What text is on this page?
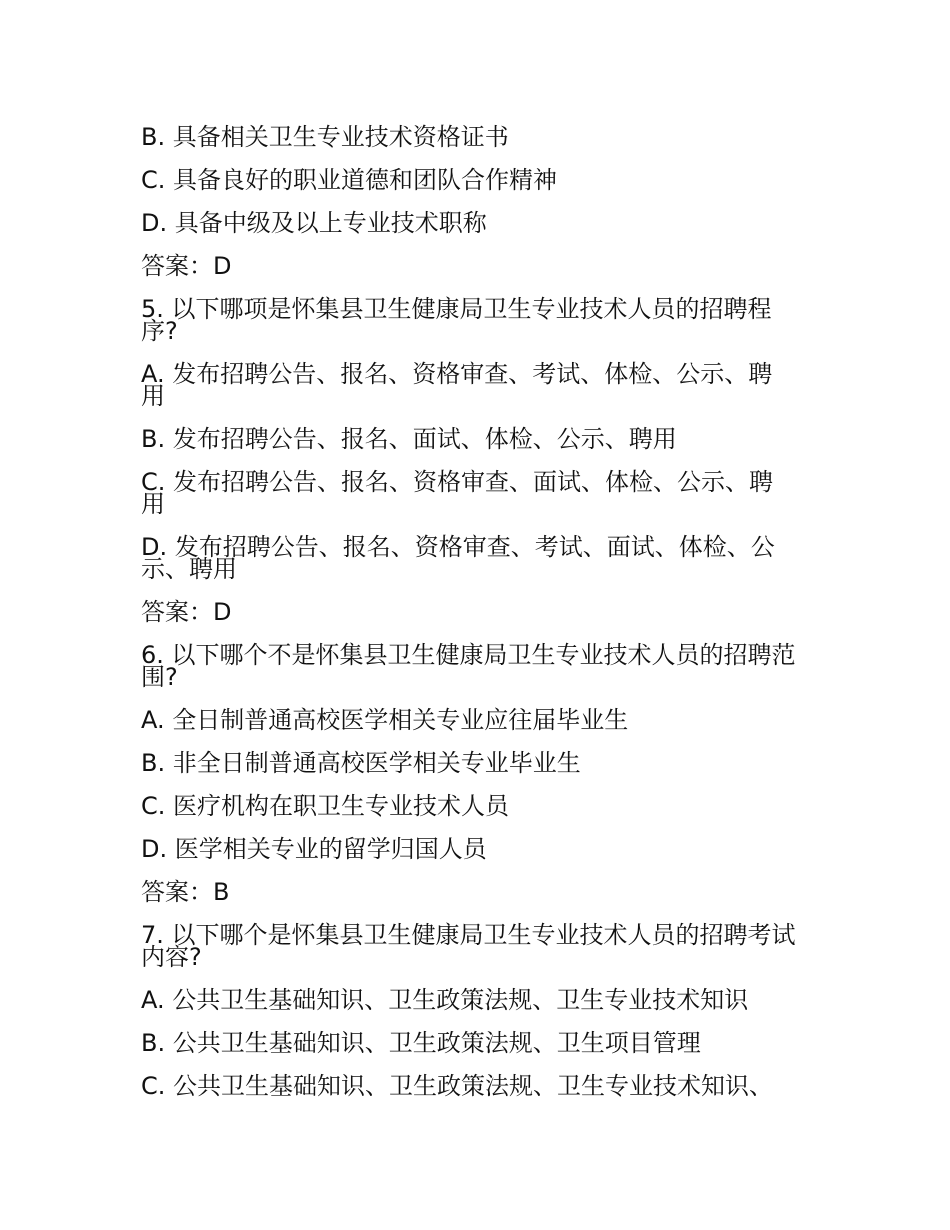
B. 具备相关卫生专业技术资格证书

C. 具备良好的职业道德和团队合作精神

D. 具备中级及以上专业技术职称

答案：D

5. 以下哪项是怀集县卫生健康局卫生专业技术人员的招聘程序?

A. 发布招聘公告、报名、资格审查、考试、体检、公示、聘用

B. 发布招聘公告、报名、面试、体检、公示、聘用

C. 发布招聘公告、报名、资格审查、面试、体检、公示、聘用

D. 发布招聘公告、报名、资格审查、考试、面试、体检、公示、聘用

答案：D

6. 以下哪个不是怀集县卫生健康局卫生专业技术人员的招聘范围?

A. 全日制普通高校医学相关专业应往届毕业生

B. 非全日制普通高校医学相关专业毕业生

C. 医疗机构在职卫生专业技术人员

D. 医学相关专业的留学归国人员

答案：B

7. 以下哪个是怀集县卫生健康局卫生专业技术人员的招聘考试内容?

A. 公共卫生基础知识、卫生政策法规、卫生专业技术知识

B. 公共卫生基础知识、卫生政策法规、卫生项目管理

C. 公共卫生基础知识、卫生政策法规、卫生专业技术知识、
